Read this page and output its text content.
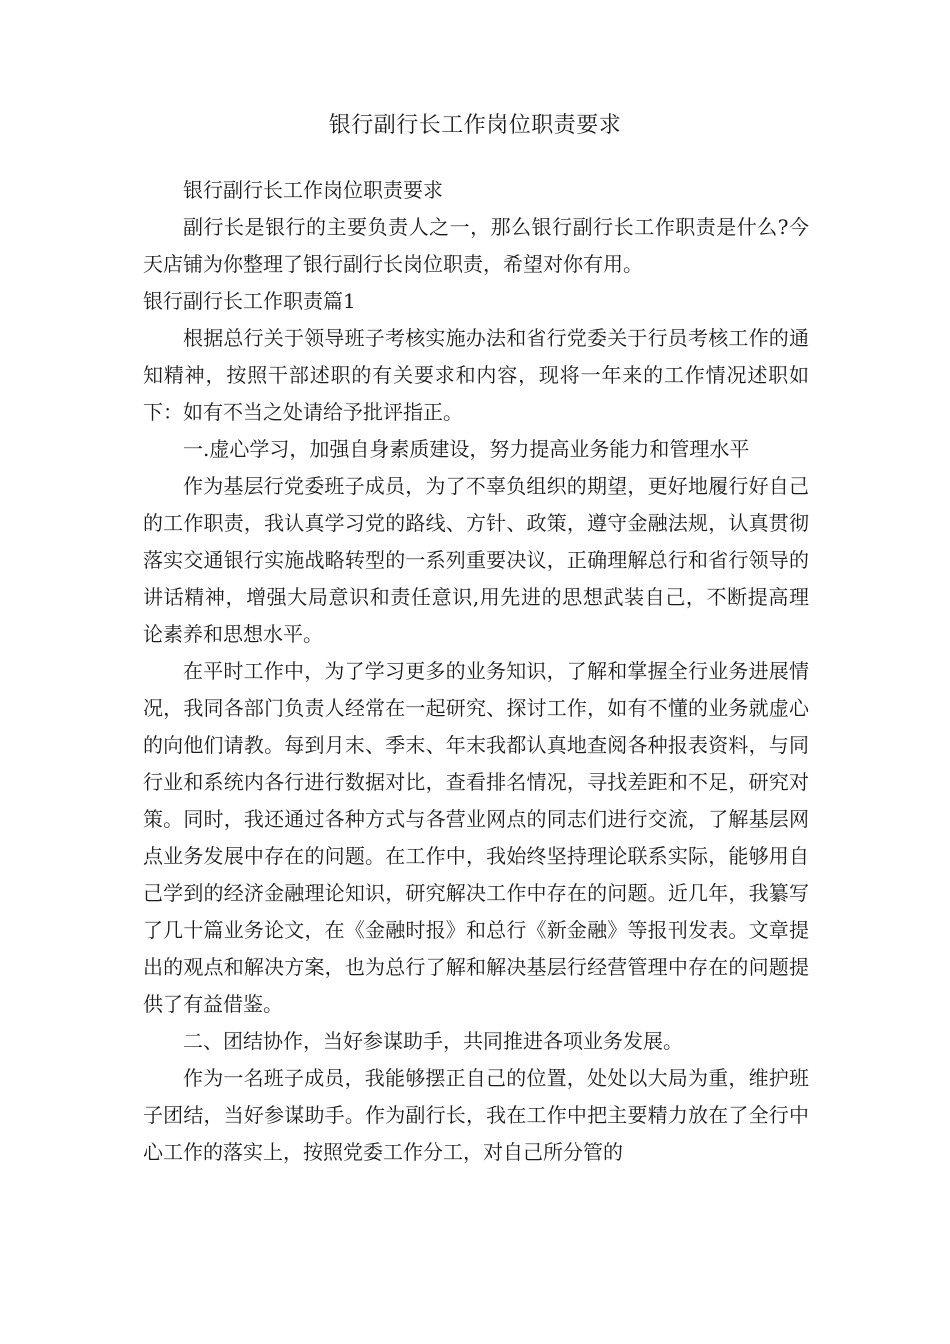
银行副行长工作岗位职责要求

银行副行长工作岗位职责要求

副行长是银行的主要负责人之一，那么银行副行长工作职责是什么?今天店铺为你整理了银行副行长岗位职责，希望对你有用。

银行副行长工作职责篇1

根据总行关于领导班子考核实施办法和省行党委关于行员考核工作的通知精神，按照干部述职的有关要求和内容，现将一年来的工作情况述职如下：如有不当之处请给予批评指正。

一.虚心学习，加强自身素质建设，努力提高业务能力和管理水平

作为基层行党委班子成员，为了不辜负组织的期望，更好地履行好自己的工作职责，我认真学习党的路线、方针、政策，遵守金融法规，认真贯彻落实交通银行实施战略转型的一系列重要决议，正确理解总行和省行领导的讲话精神，增强大局意识和责任意识,用先进的思想武装自己，不断提高理论素养和思想水平。

在平时工作中，为了学习更多的业务知识，了解和掌握全行业务进展情况，我同各部门负责人经常在一起研究、探讨工作，如有不懂的业务就虚心的向他们请教。每到月末、季末、年末我都认真地查阅各种报表资料，与同行业和系统内各行进行数据对比，查看排名情况，寻找差距和不足，研究对策。同时，我还通过各种方式与各营业网点的同志们进行交流，了解基层网点业务发展中存在的问题。在工作中，我始终坚持理论联系实际，能够用自己学到的经济金融理论知识，研究解决工作中存在的问题。近几年，我纂写了几十篇业务论文，在《金融时报》和总行《新金融》等报刊发表。文章提出的观点和解决方案，也为总行了解和解决基层行经营管理中存在的问题提供了有益借鉴。

二、团结协作，当好参谋助手，共同推进各项业务发展。

作为一名班子成员，我能够摆正自己的位置，处处以大局为重，维护班子团结，当好参谋助手。作为副行长，我在工作中把主要精力放在了全行中心工作的落实上，按照党委工作分工，对自己所分管的
